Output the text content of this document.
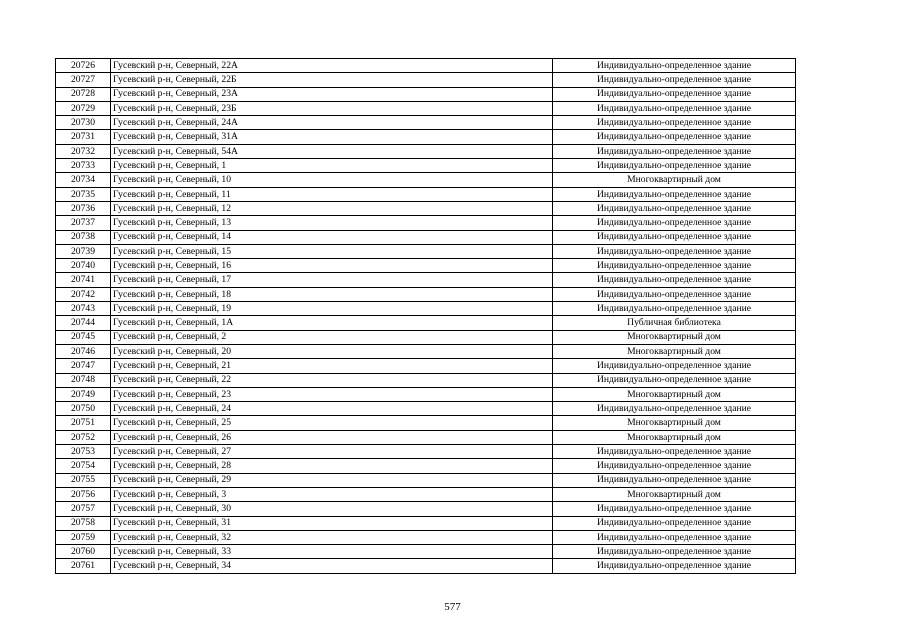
20726	Гусевский р-н, Северный, 22А	Индивидуально-определенное здание
20727	Гусевский р-н, Северный, 22Б	Индивидуально-определенное здание
20728	Гусевский р-н, Северный, 23А	Индивидуально-определенное здание
20729	Гусевский р-н, Северный, 23Б	Индивидуально-определенное здание
20730	Гусевский р-н, Северный, 24А	Индивидуально-определенное здание
20731	Гусевский р-н, Северный, 31А	Индивидуально-определенное здание
20732	Гусевский р-н, Северный, 54А	Индивидуально-определенное здание
20733	Гусевский р-н, Северный, 1	Индивидуально-определенное здание
20734	Гусевский р-н, Северный, 10	Многоквартирный дом
20735	Гусевский р-н, Северный, 11	Индивидуально-определенное здание
20736	Гусевский р-н, Северный, 12	Индивидуально-определенное здание
20737	Гусевский р-н, Северный, 13	Индивидуально-определенное здание
20738	Гусевский р-н, Северный, 14	Индивидуально-определенное здание
20739	Гусевский р-н, Северный, 15	Индивидуально-определенное здание
20740	Гусевский р-н, Северный, 16	Индивидуально-определенное здание
20741	Гусевский р-н, Северный, 17	Индивидуально-определенное здание
20742	Гусевский р-н, Северный, 18	Индивидуально-определенное здание
20743	Гусевский р-н, Северный, 19	Индивидуально-определенное здание
20744	Гусевский р-н, Северный, 1А	Публичная библиотека
20745	Гусевский р-н, Северный, 2	Многоквартирный дом
20746	Гусевский р-н, Северный, 20	Многоквартирный дом
20747	Гусевский р-н, Северный, 21	Индивидуально-определенное здание
20748	Гусевский р-н, Северный, 22	Индивидуально-определенное здание
20749	Гусевский р-н, Северный, 23	Многоквартирный дом
20750	Гусевский р-н, Северный, 24	Индивидуально-определенное здание
20751	Гусевский р-н, Северный, 25	Многоквартирный дом
20752	Гусевский р-н, Северный, 26	Многоквартирный дом
20753	Гусевский р-н, Северный, 27	Индивидуально-определенное здание
20754	Гусевский р-н, Северный, 28	Индивидуально-определенное здание
20755	Гусевский р-н, Северный, 29	Индивидуально-определенное здание
20756	Гусевский р-н, Северный, 3	Многоквартирный дом
20757	Гусевский р-н, Северный, 30	Индивидуально-определенное здание
20758	Гусевский р-н, Северный, 31	Индивидуально-определенное здание
20759	Гусевский р-н, Северный, 32	Индивидуально-определенное здание
20760	Гусевский р-н, Северный, 33	Индивидуально-определенное здание
20761	Гусевский р-н, Северный, 34	Индивидуально-определенное здание
577
